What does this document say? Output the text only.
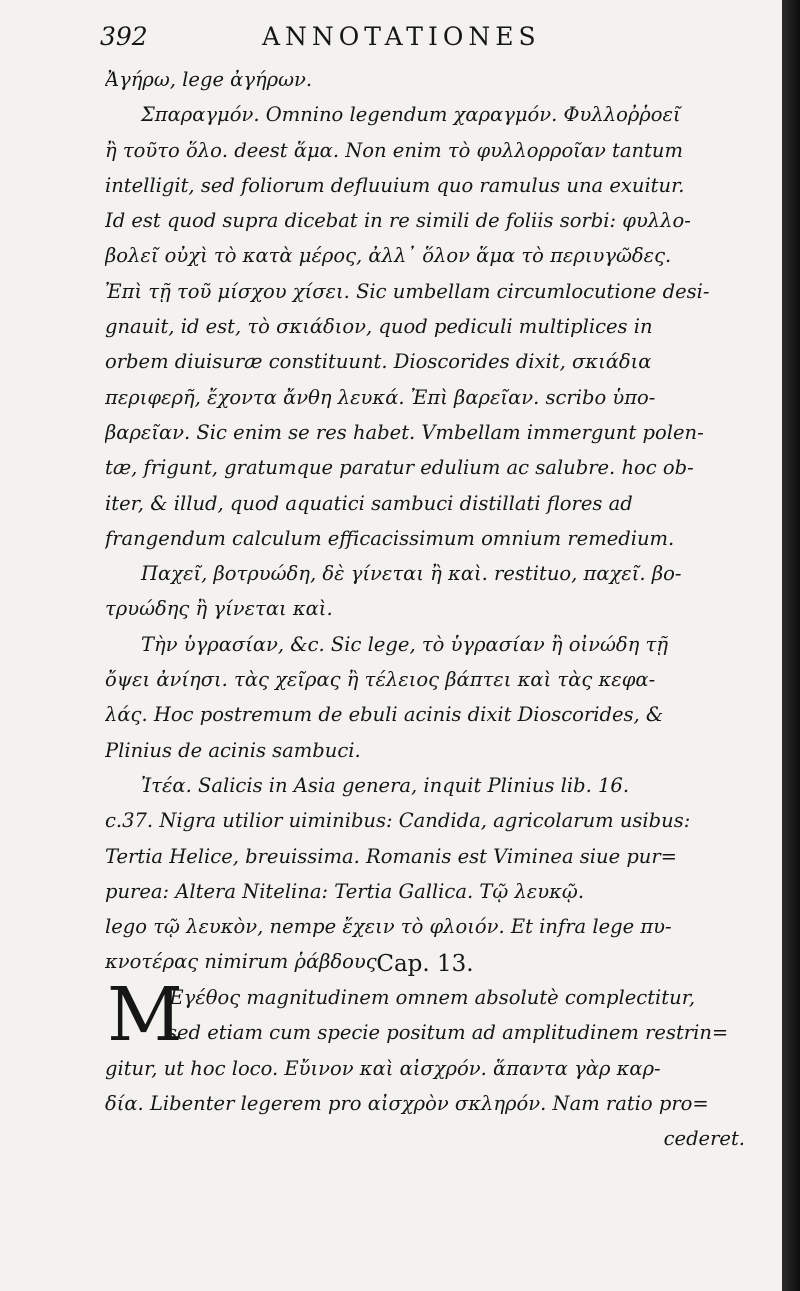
392	ANNOTATIONES
Ἀγήρω, lege ἀγήρων.
Σπαραγμόν. Omnino legendum χαραγμόν. Φυλλοῤῥοεῖ
ἢ τοῦτο ὅλο. deest ἅμα. Non enim τὸ φυλλορροῖαν tantum
intelligit, sed foliorum defluuium quo ramulus una exuitur.
Id est quod supra dicebat in re simili de foliis sorbi: φυλλο-
βολεῖ οὐχὶ τὸ κατὰ μέρος, ἀλλ᾽ ὅλον ἅμα τὸ περιυγῶδες.
Ἐπὶ τῇ τοῦ μίσχου χίσει. Sic umbellam circumlocutione desi-
gnauit, id est, τὸ σκιάδιον, quod pediculi multiplices in
orbem diuisuræ constituunt. Dioscorides dixit, σκιάδια
περιφερῆ, ἔχοντα ἄνθη λευκά. Ἐπὶ βαρεῖαν. scribo ὑπο-
βαρεῖαν. Sic enim se res habet. Vmbellam immergunt polen-
tæ, frigunt, gratumque paratur edulium ac salubre. hoc ob-
iter, & illud, quod aquatici sambuci distillati flores ad
frangendum calculum efficacissimum omnium remedium.
Παχεῖ, βοτρυώδη, δὲ γίνεται ἢ καὶ. restituo, παχεῖ. βο-
τρυώδης ἢ γίνεται καὶ.
Τὴν ὑγρασίαν, &c. Sic lege, τὸ ὑγρασίαν ἢ οἰνώδη τῇ
ὄψει ἀνίησι. τὰς χεῖρας ἢ τέλειος βάπτει καὶ τὰς κεφα-
λάς. Hoc postremum de ebuli acinis dixit Dioscorides, &
Plinius de acinis sambuci.
Ἰτέα. Salicis in Asia genera, inquit Plinius lib. 16.
c.37. Nigra utilior uiminibus: Candida, agricolarum usibus:
Tertia Helice, breuissima. Romanis est Viminea siue pur=
purea: Altera Nitelina: Tertia Gallica. Τῷ λευκῷ.
lego τῷ λευκὸν, nempe ἔχειν τὸ φλοιόν. Et infra lege πυ-
κνοτέρας nimirum ῥάβδους.
Cap. 13.
M
Ἐγέθος magnitudinem omnem absolutè complectitur,
sed etiam cum specie positum ad amplitudinem restrin=
gitur, ut hoc loco. Εὔινον καὶ αἰσχρόν. ἅπαντα γὰρ καρ-
δία. Libenter legerem pro αἰσχρὸν σκληρόν. Nam ratio pro=
cederet.
